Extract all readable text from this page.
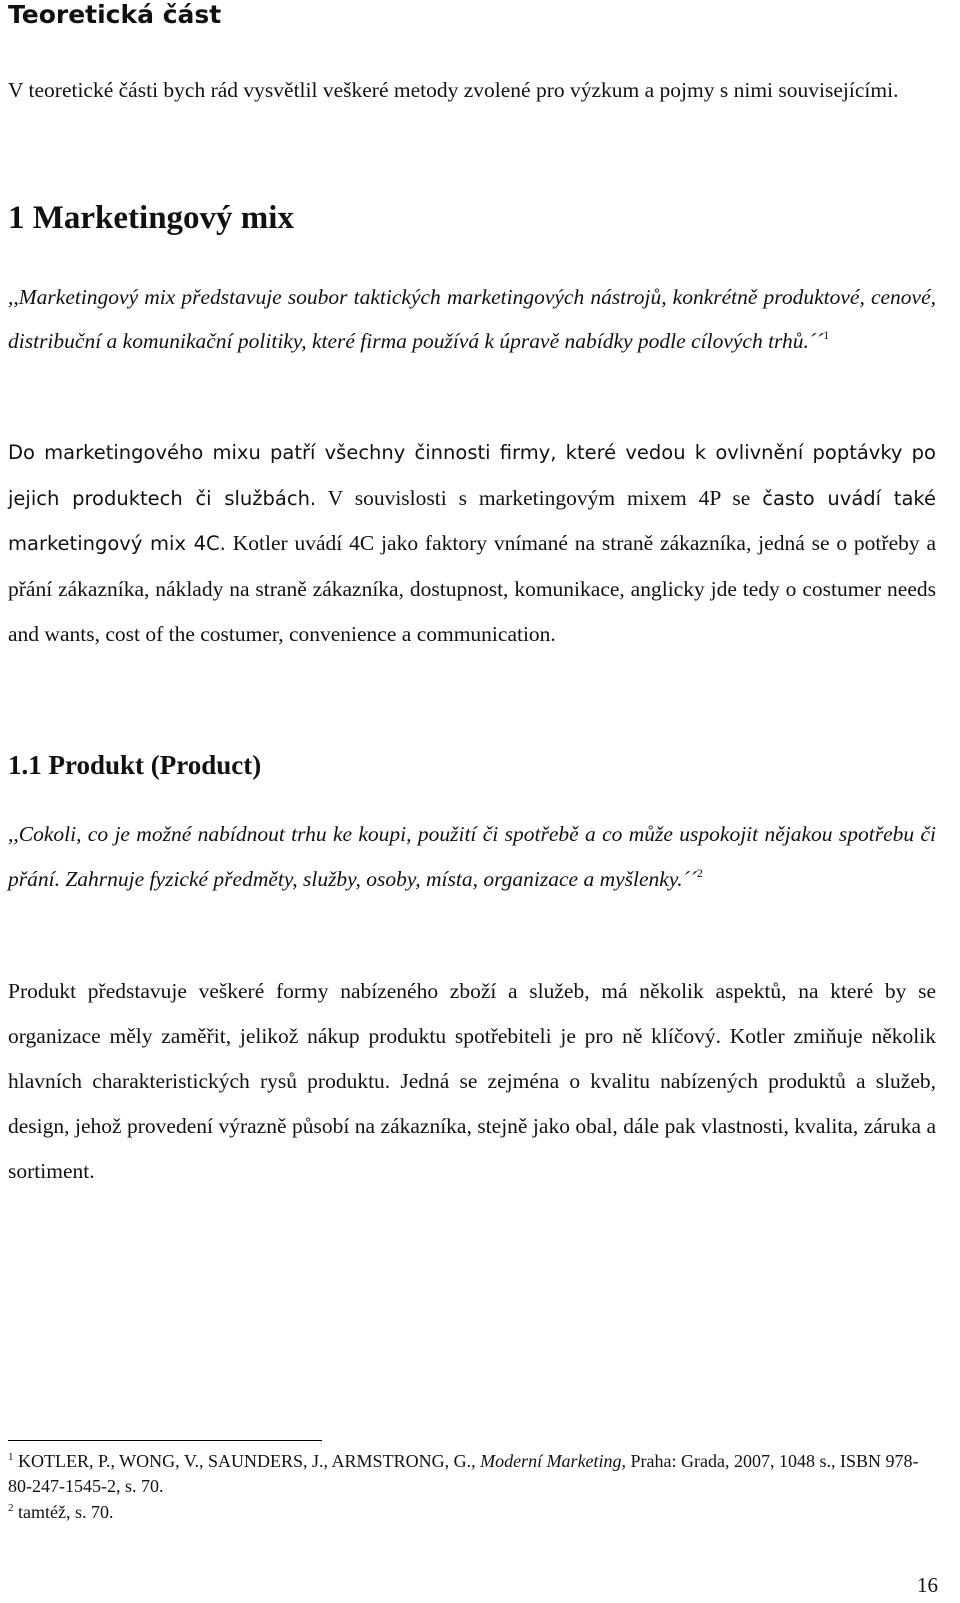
Teoretická část

V teoretické části bych rád vysvětlil veškeré metody zvolené pro výzkum a pojmy s nimi souvisejícími.

1 Marketingový mix

,,Marketingový mix představuje soubor taktických marketingových nástrojů, konkrétně produktové, cenové, distribuční a komunikační politiky, které firma používá k úpravě nabídky podle cílových trhů.´´$^1$

Do marketingového mixu patří všechny činnosti firmy, které vedou k ovlivnění poptávky po jejich produktech či službách. V souvislosti s marketingovým mixem 4P se často uvádí také marketingový mix 4C. Kotler uvádí 4C jako faktory vnímané na straně zákazníka, jedná se o potřeby a přání zákazníka, náklady na straně zákazníka, dostupnost, komunikace, anglicky jde tedy o costumer needs and wants, cost of the costumer, convenience a communication.

1.1 Produkt (Product)

,,Cokoli, co je možné nabídnout trhu ke koupi, použití či spotřebě a co může uspokojit nějakou spotřebu či přání. Zahrnuje fyzické předměty, služby, osoby, místa, organizace a myšlenky.´´$^2$

Produkt představuje veškeré formy nabízeného zboží a služeb, má několik aspektů, na které by se organizace měly zaměřit, jelikož nákup produktu spotřebiteli je pro ně klíčový. Kotler zmiňuje několik hlavních charakteristických rysů produktu. Jedná se zejména o kvalitu nabízených produktů a služeb, design, jehož provedení výrazně působí na zákazníka, stejně jako obal, dále pak vlastnosti, kvalita, záruka a sortiment.

$^1$ KOTLER, P., WONG, V., SAUNDERS, J., ARMSTRONG, G., Moderní Marketing, Praha: Grada, 2007, 1048 s., ISBN 978-80-247-1545-2, s. 70.

$^2$ tamtéž, s. 70.

16
